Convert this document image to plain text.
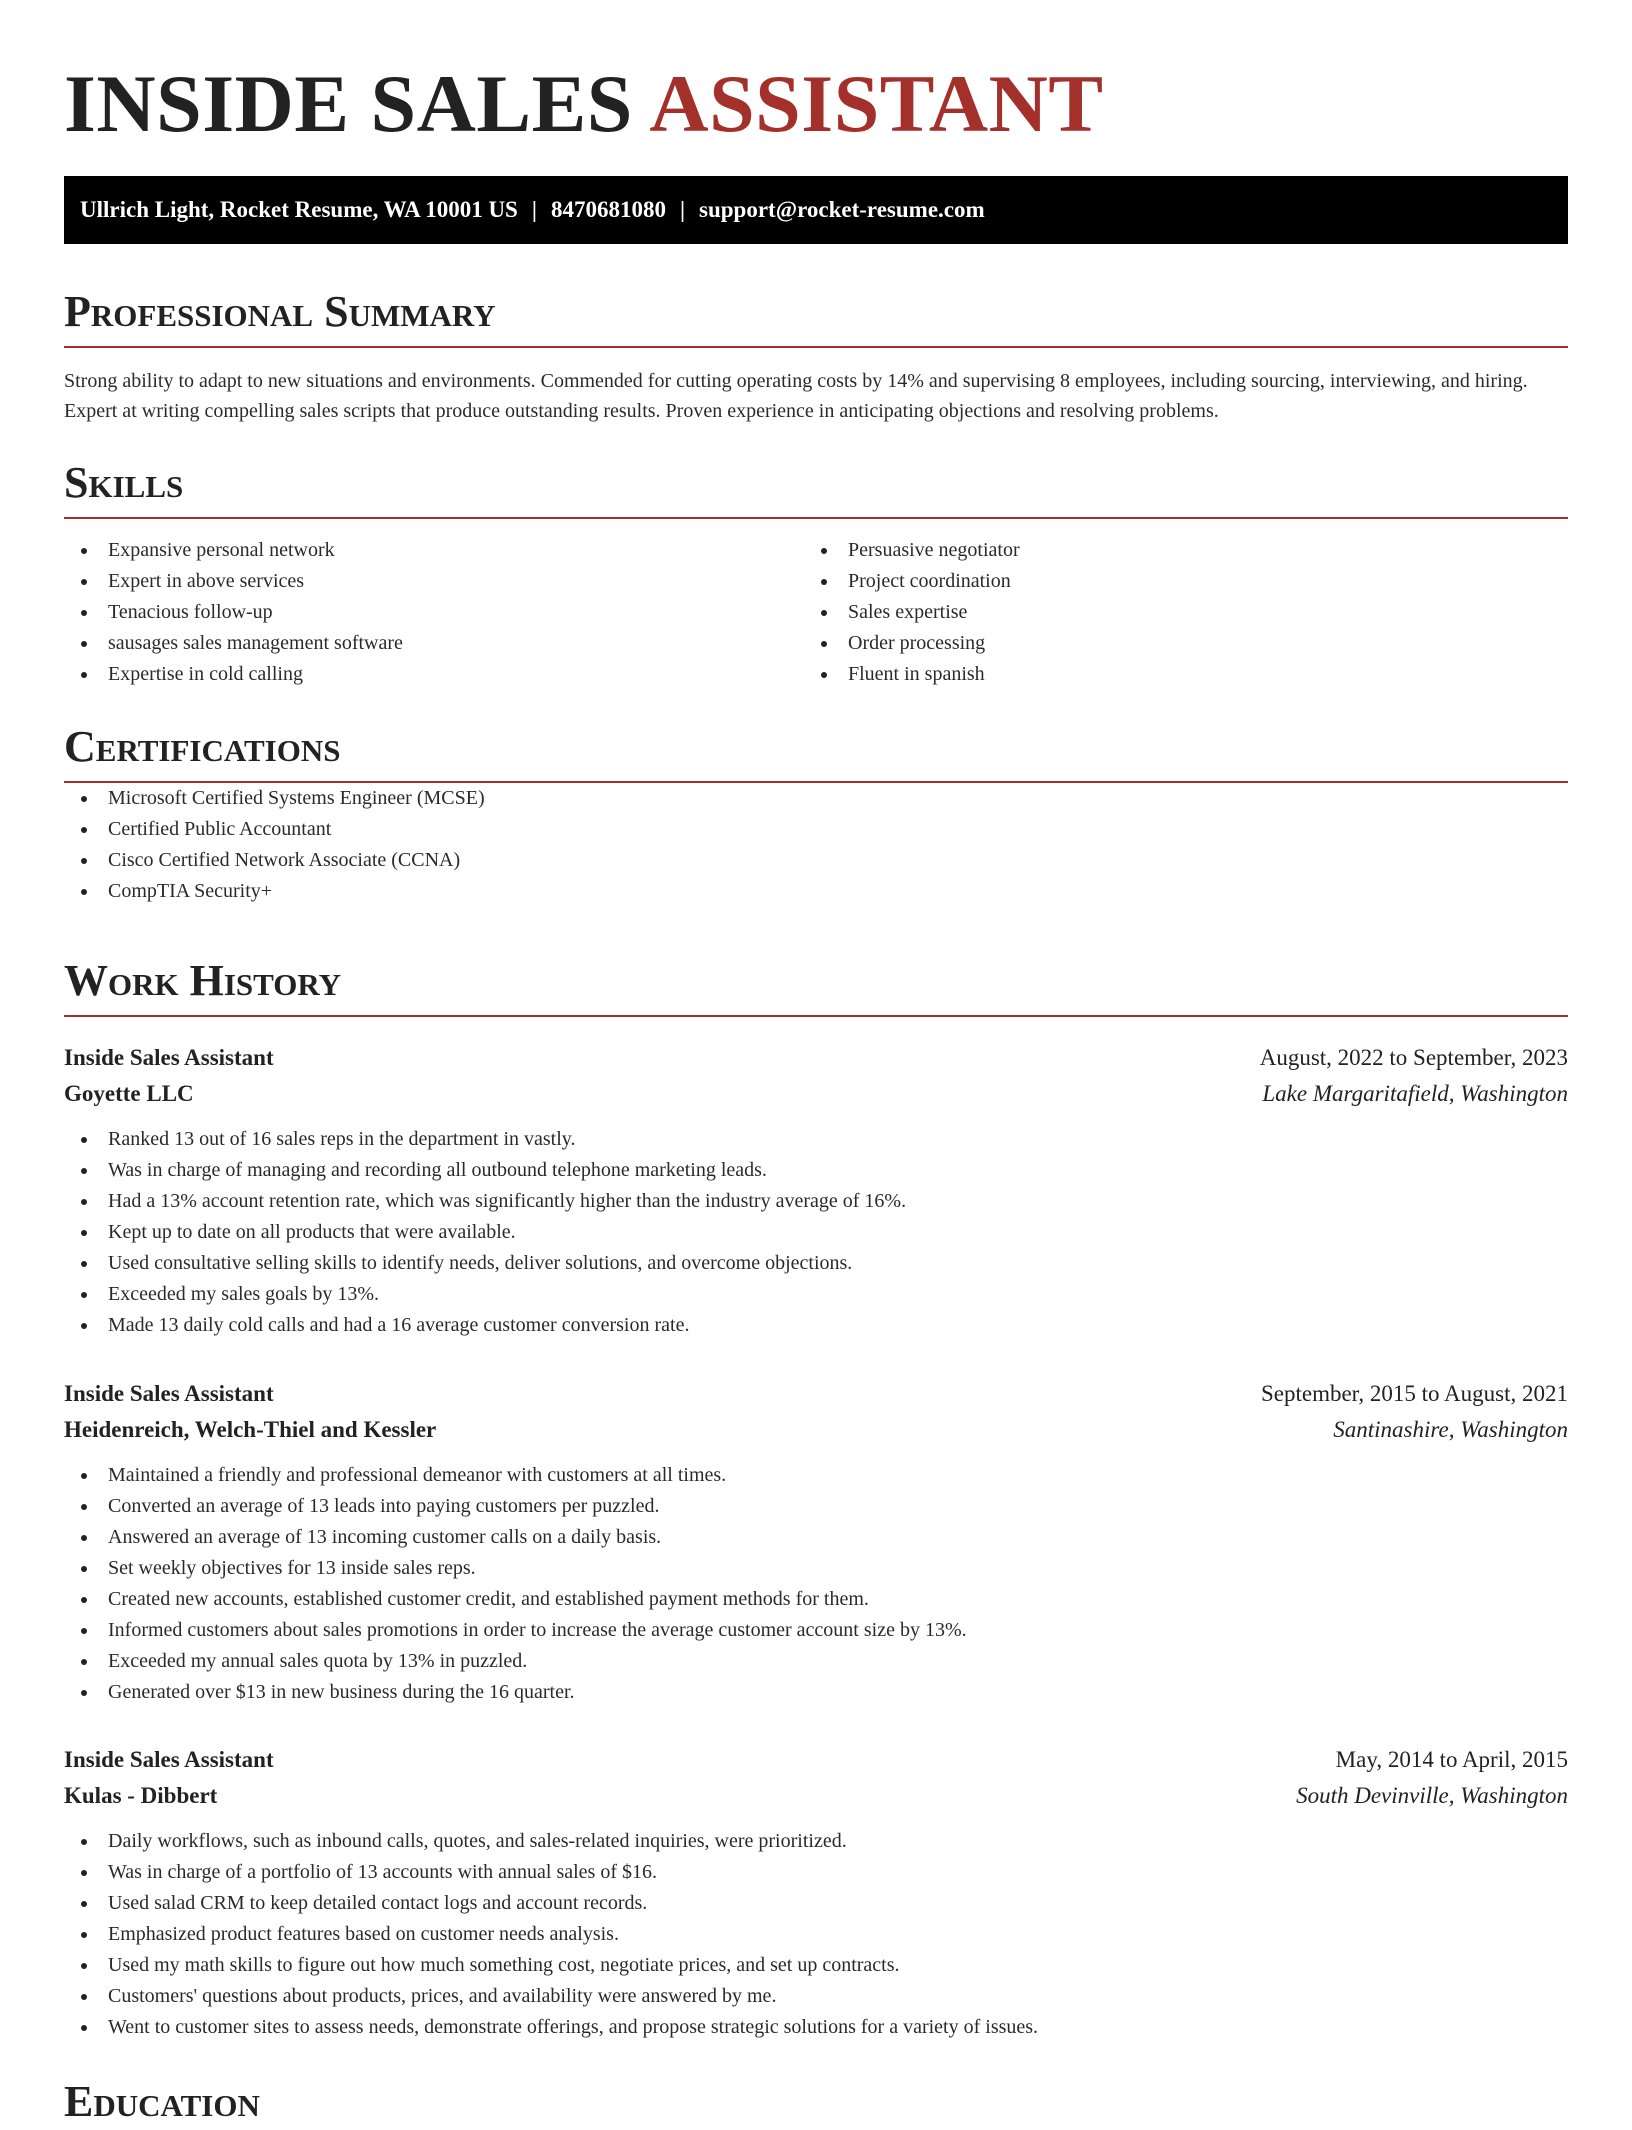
INSIDE SALES ASSISTANT
Ullrich Light, Rocket Resume, WA 10001 US | 8470681080 | support@rocket-resume.com
Professional Summary

Strong ability to adapt to new situations and environments. Commended for cutting operating costs by 14% and supervising 8 employees, including sourcing, interviewing, and hiring. Expert at writing compelling sales scripts that produce outstanding results. Proven experience in anticipating objections and resolving problems.

Skills
Expansive personal network
Expert in above services
Tenacious follow-up
sausages sales management software
Expertise in cold calling
Persuasive negotiator
Project coordination
Sales expertise
Order processing
Fluent in spanish
Certifications
Microsoft Certified Systems Engineer (MCSE)
Certified Public Accountant
Cisco Certified Network Associate (CCNA)
CompTIA Security+
Work History
Inside Sales Assistant	August, 2022 to September, 2023
Goyette LLC	Lake Margaritafield, Washington
Ranked 13 out of 16 sales reps in the department in vastly.
Was in charge of managing and recording all outbound telephone marketing leads.
Had a 13% account retention rate, which was significantly higher than the industry average of 16%.
Kept up to date on all products that were available.
Used consultative selling skills to identify needs, deliver solutions, and overcome objections.
Exceeded my sales goals by 13%.
Made 13 daily cold calls and had a 16 average customer conversion rate.
Inside Sales Assistant	September, 2015 to August, 2021
Heidenreich, Welch-Thiel and Kessler	Santinashire, Washington
Maintained a friendly and professional demeanor with customers at all times.
Converted an average of 13 leads into paying customers per puzzled.
Answered an average of 13 incoming customer calls on a daily basis.
Set weekly objectives for 13 inside sales reps.
Created new accounts, established customer credit, and established payment methods for them.
Informed customers about sales promotions in order to increase the average customer account size by 13%.
Exceeded my annual sales quota by 13% in puzzled.
Generated over $13 in new business during the 16 quarter.
Inside Sales Assistant	May, 2014 to April, 2015
Kulas - Dibbert	South Devinville, Washington
Daily workflows, such as inbound calls, quotes, and sales-related inquiries, were prioritized.
Was in charge of a portfolio of 13 accounts with annual sales of $16.
Used salad CRM to keep detailed contact logs and account records.
Emphasized product features based on customer needs analysis.
Used my math skills to figure out how much something cost, negotiate prices, and set up contracts.
Customers' questions about products, prices, and availability were answered by me.
Went to customer sites to assess needs, demonstrate offerings, and propose strategic solutions for a variety of issues.
Education
